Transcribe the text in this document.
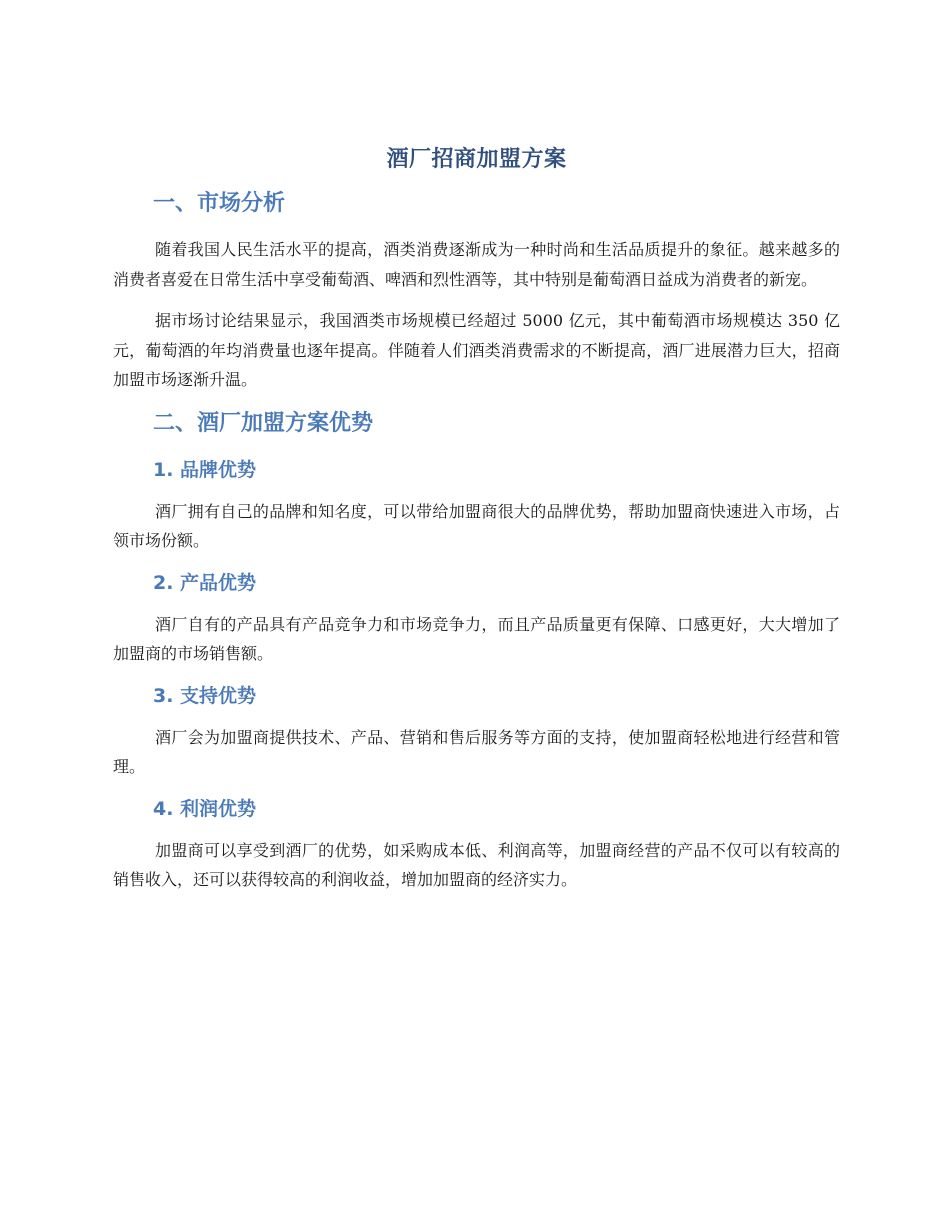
酒厂招商加盟方案
一、市场分析

随着我国人民生活水平的提高，酒类消费逐渐成为一种时尚和生活品质提升的象征。越来越多的消费者喜爱在日常生活中享受葡萄酒、啤酒和烈性酒等，其中特别是葡萄酒日益成为消费者的新宠。

据市场讨论结果显示，我国酒类市场规模已经超过 5000 亿元，其中葡萄酒市场规模达 350 亿元，葡萄酒的年均消费量也逐年提高。伴随着人们酒类消费需求的不断提高，酒厂进展潜力巨大，招商加盟市场逐渐升温。

二、酒厂加盟方案优势
1. 品牌优势

酒厂拥有自己的品牌和知名度，可以带给加盟商很大的品牌优势，帮助加盟商快速进入市场，占领市场份额。

2. 产品优势

酒厂自有的产品具有产品竞争力和市场竞争力，而且产品质量更有保障、口感更好，大大增加了加盟商的市场销售额。

3. 支持优势

酒厂会为加盟商提供技术、产品、营销和售后服务等方面的支持，使加盟商轻松地进行经营和管理。

4. 利润优势

加盟商可以享受到酒厂的优势，如采购成本低、利润高等，加盟商经营的产品不仅可以有较高的销售收入，还可以获得较高的利润收益，增加加盟商的经济实力。
